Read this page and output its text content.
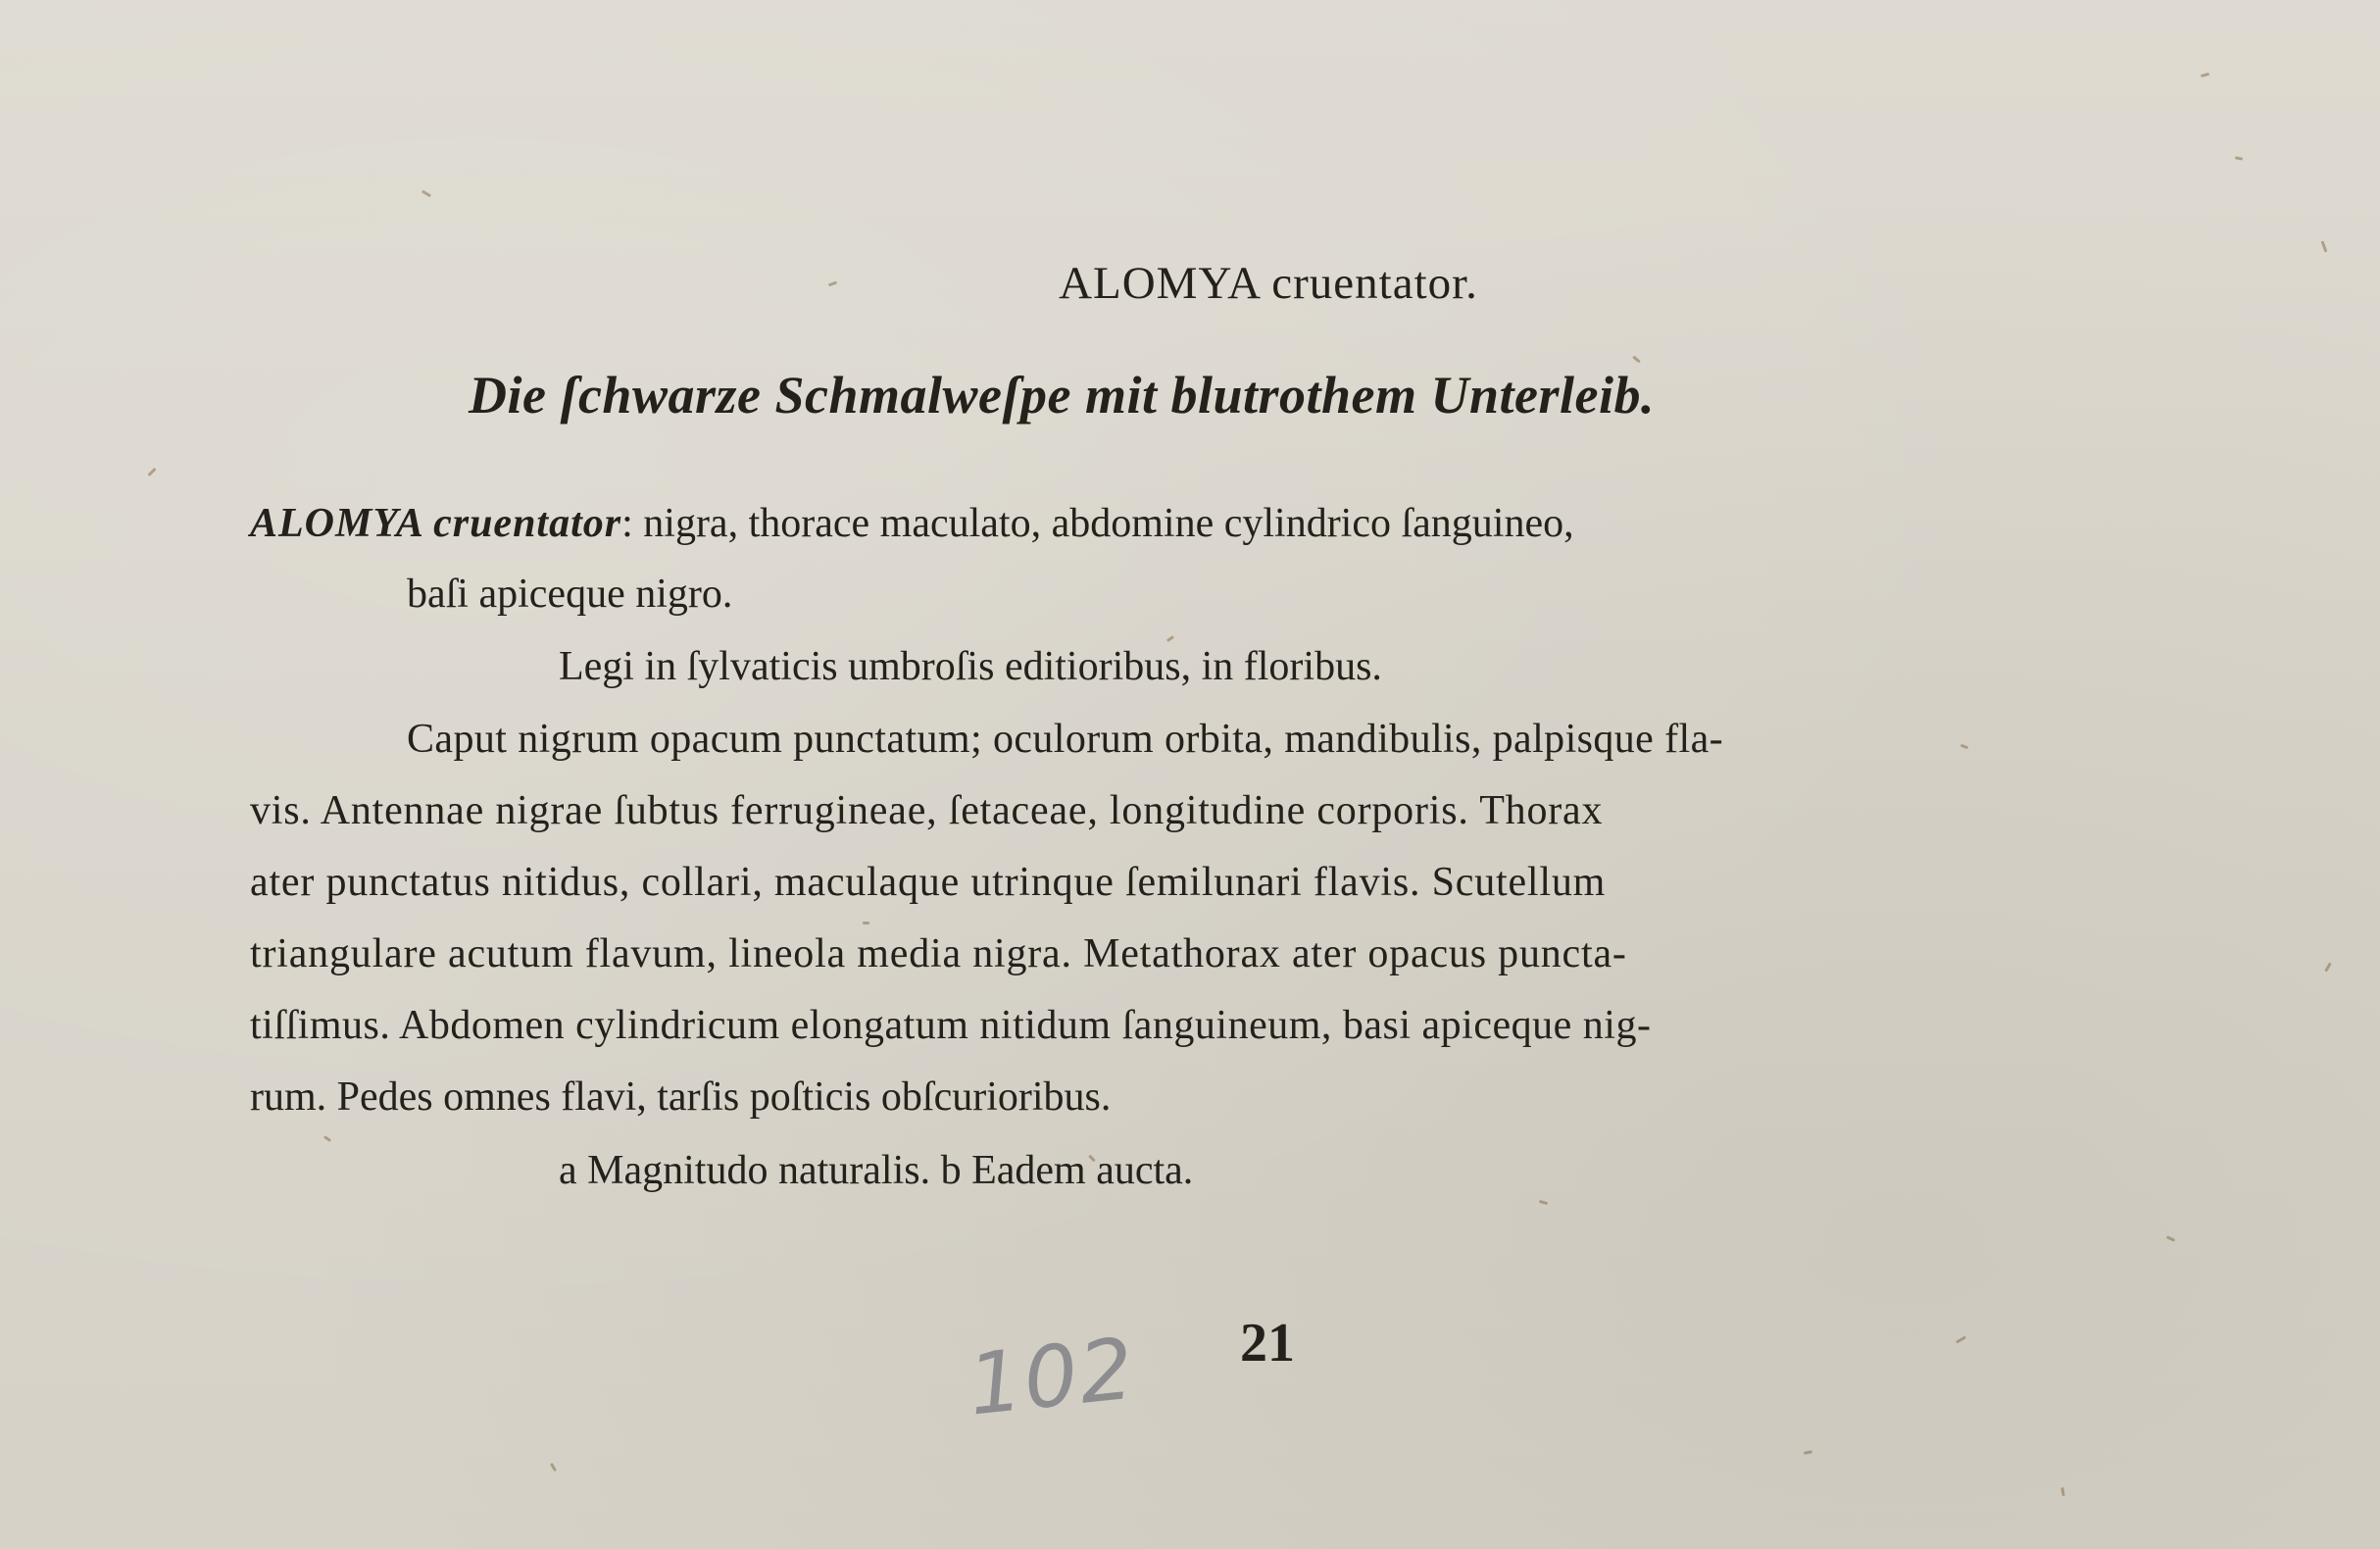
ALOMYA cruentator.
Die ſchwarze Schmalweſpe mit blutrothem Unterleib.
ALOMYA cruentator: nigra, thorace maculato, abdomine cylindrico ſanguineo,
baſi apiceque nigro.
Legi in ſylvaticis umbroſis editioribus, in floribus.
Caput nigrum opacum punctatum; oculorum orbita, mandibulis, palpisque fla-
vis. Antennae nigrae ſubtus ferrugineae, ſetaceae, longitudine corporis. Thorax
ater punctatus nitidus, collari, maculaque utrinque ſemilunari flavis. Scutellum
triangulare acutum flavum, lineola media nigra. Metathorax ater opacus puncta-
tiſſimus. Abdomen cylindricum elongatum nitidum ſanguineum, basi apiceque nig-
rum. Pedes omnes flavi, tarſis poſticis obſcurioribus.
a Magnitudo naturalis. b Eadem aucta.
102 21
